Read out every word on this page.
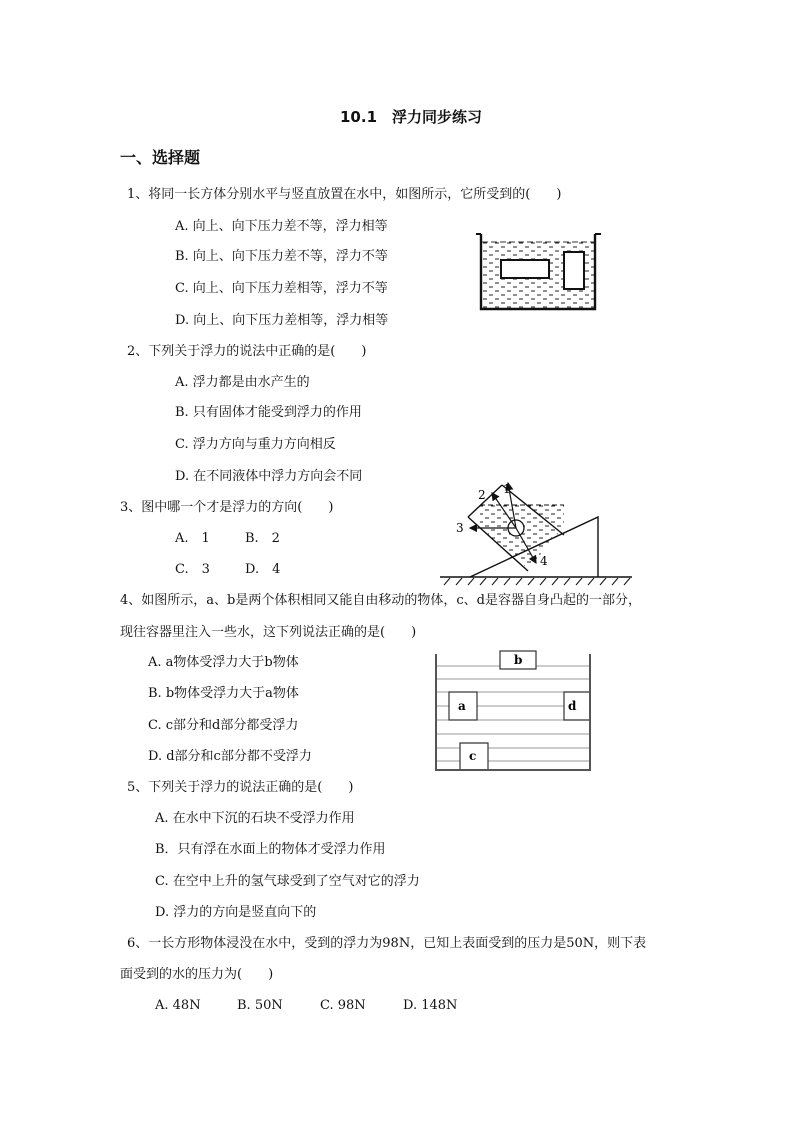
10.1　浮力同步练习
一、选择题
1、将同一长方体分别水平与竖直放置在水中，如图所示，它所受到的(　　)
A. 向上、向下压力差不等，浮力相等
B. 向上、向下压力差不等，浮力不等
C. 向上、向下压力差相等，浮力不等
D. 向上、向下压力差相等，浮力相等
2、下列关于浮力的说法中正确的是(　　)
A. 浮力都是由水产生的
B. 只有固体才能受到浮力的作用
C. 浮力方向与重力方向相反
D. 在不同液体中浮力方向会不同
3、图中哪一个才是浮力的方向(　　)
A.　1	B.　2
C.　3	D.　4
1
2
3
4
4、如图所示，a、b是两个体积相同又能自由移动的物体，c、d是容器自身凸起的一部分，
现往容器里注入一些水，这下列说法正确的是(　　)
A. a物体受浮力大于b物体
B. b物体受浮力大于a物体
C. c部分和d部分都受浮力
D. d部分和c部分都不受浮力
b
a	d
c
5、下列关于浮力的说法正确的是(　　)
A. 在水中下沉的石块不受浮力作用
B．只有浮在水面上的物体才受浮力作用
C. 在空中上升的氢气球受到了空气对它的浮力
D. 浮力的方向是竖直向下的
6、一长方形物体浸没在水中，受到的浮力为98N，已知上表面受到的压力是50N，则下表
面受到的水的压力为(　　)
A. 48N	B. 50N	C. 98N	D. 148N
